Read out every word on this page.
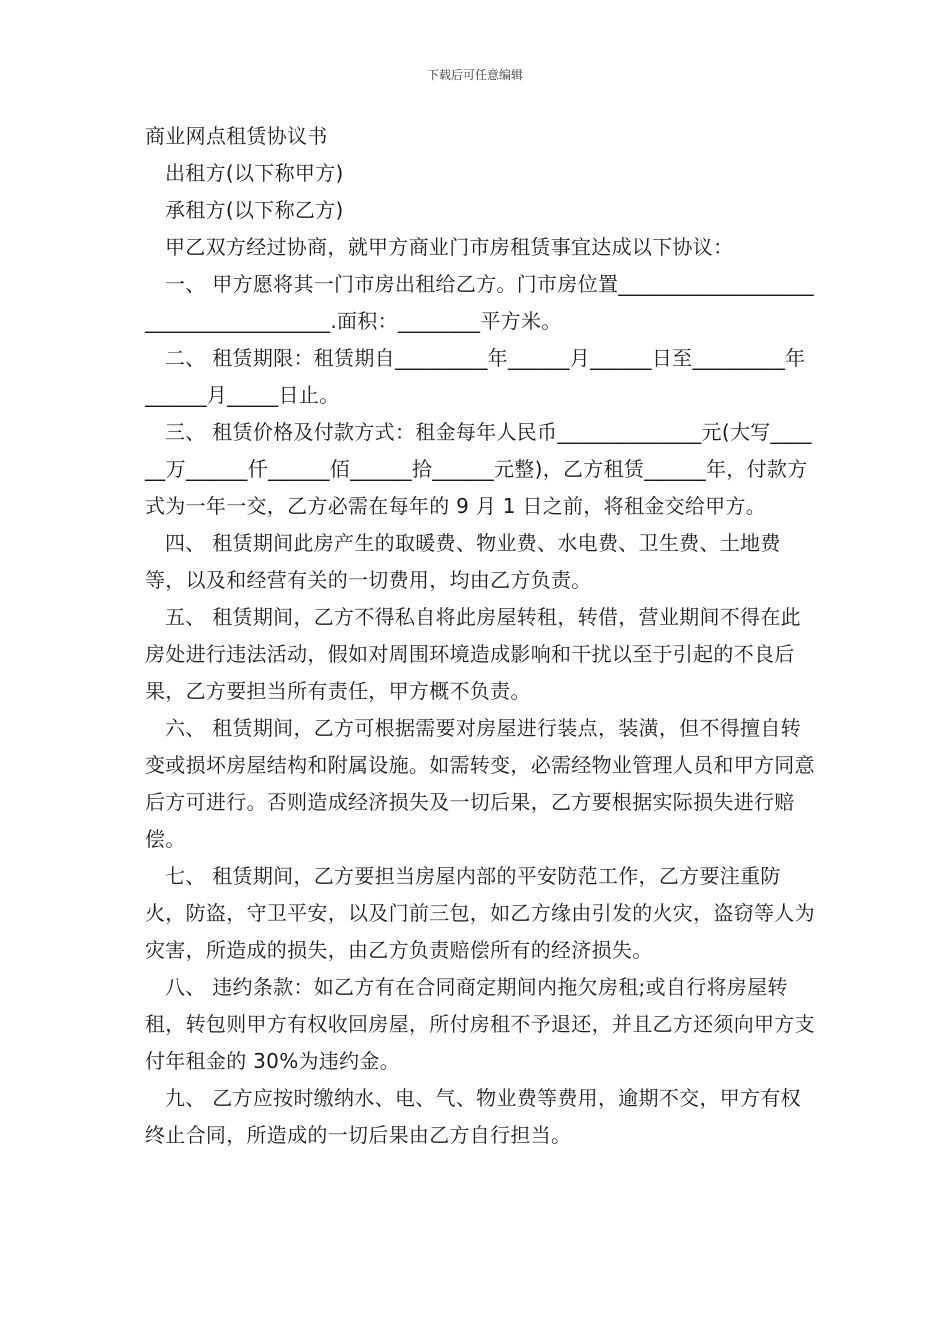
下载后可任意编辑

商业网点租赁协议书

出租方(以下称甲方)

承租方(以下称乙方)

甲乙双方经过协商，就甲方商业门市房租赁事宜达成以下协议：

一、 甲方愿将其一门市房出租给乙方。门市房位置_____________________________________.面积：________平方米。

二、 租赁期限：租赁期自_________年______月______日至_________年______月_____日止。

三、 租赁价格及付款方式：租金每年人民币______________元(大写______万______仟______佰______拾______元整)，乙方租赁______年，付款方式为一年一交，乙方必需在每年的 9 月 1 日之前，将租金交给甲方。

四、 租赁期间此房产生的取暖费、物业费、水电费、卫生费、土地费等，以及和经营有关的一切费用，均由乙方负责。

五、 租赁期间，乙方不得私自将此房屋转租，转借，营业期间不得在此房处进行违法活动，假如对周围环境造成影响和干扰以至于引起的不良后果，乙方要担当所有责任，甲方概不负责。

六、 租赁期间，乙方可根据需要对房屋进行装点，装潢，但不得擅自转变或损坏房屋结构和附属设施。如需转变，必需经物业管理人员和甲方同意后方可进行。否则造成经济损失及一切后果，乙方要根据实际损失进行赔偿。

七、 租赁期间，乙方要担当房屋内部的平安防范工作，乙方要注重防火，防盗，守卫平安，以及门前三包，如乙方缘由引发的火灾，盗窃等人为灾害，所造成的损失，由乙方负责赔偿所有的经济损失。

八、 违约条款：如乙方有在合同商定期间内拖欠房租;或自行将房屋转租，转包则甲方有权收回房屋，所付房租不予退还，并且乙方还须向甲方支付年租金的 30%为违约金。

九、 乙方应按时缴纳水、电、气、物业费等费用，逾期不交，甲方有权终止合同，所造成的一切后果由乙方自行担当。
